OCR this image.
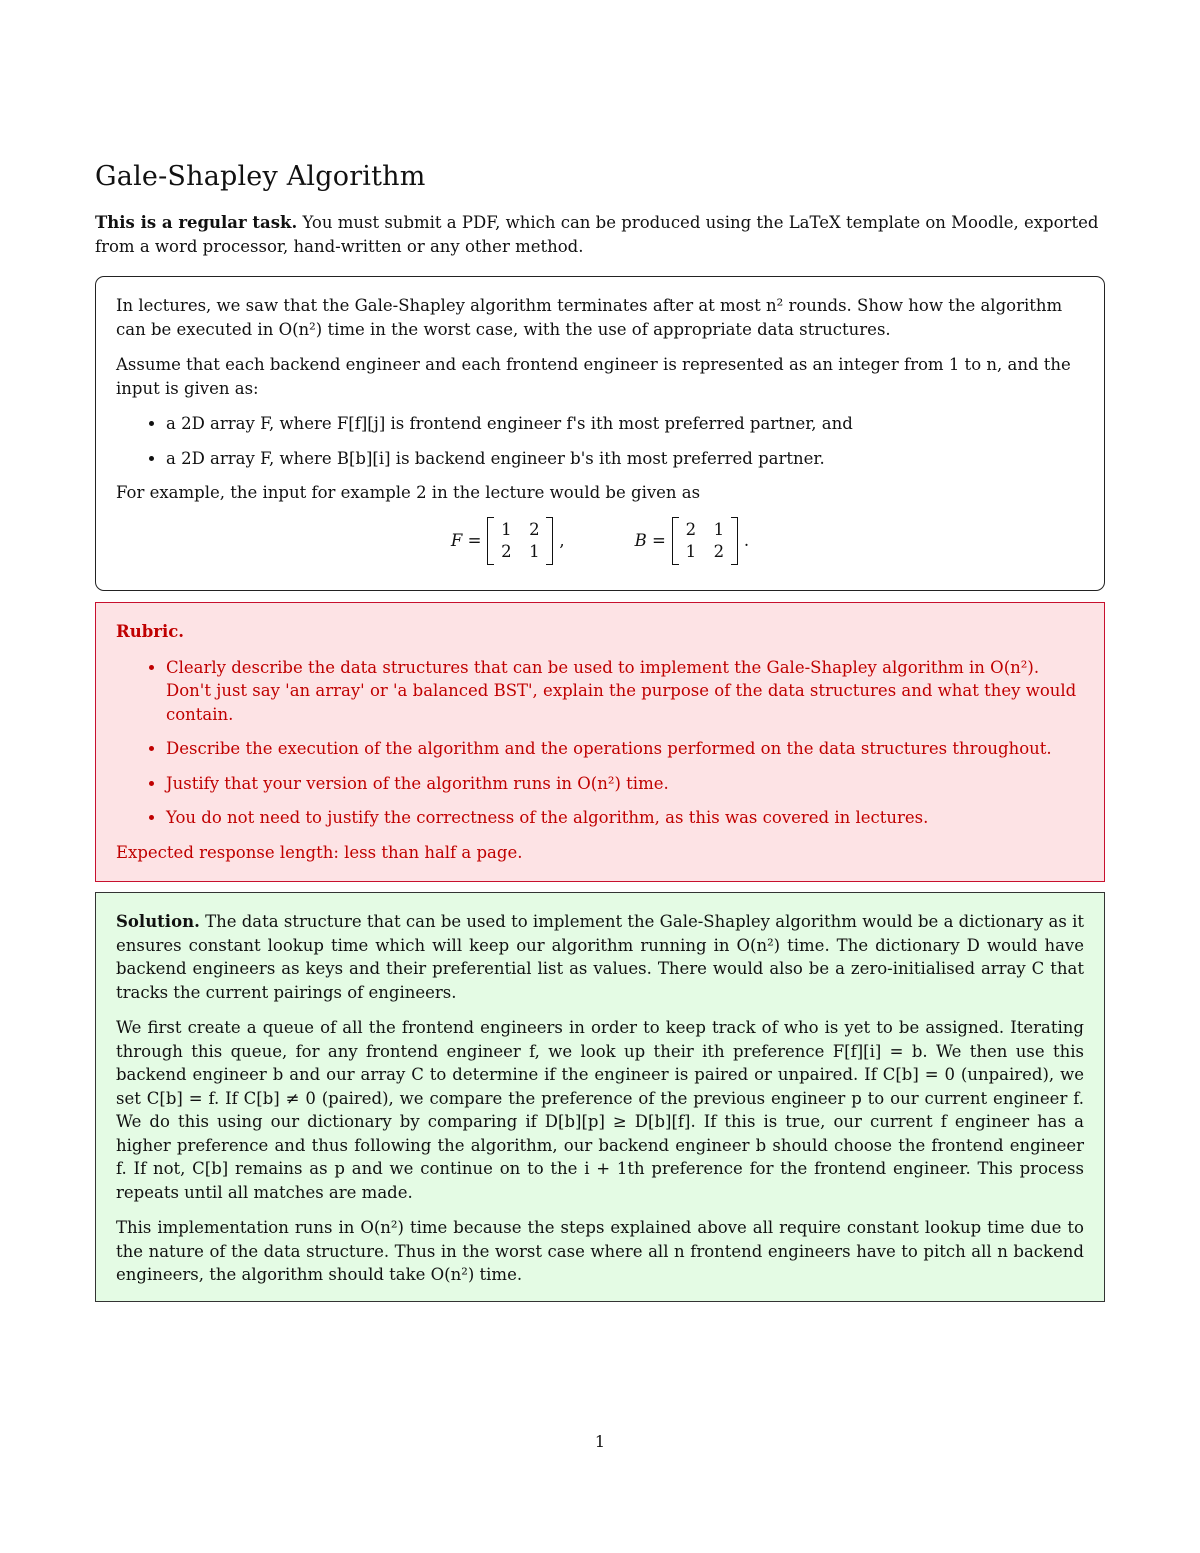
Gale-Shapley Algorithm

This is a regular task. You must submit a PDF, which can be produced using the LaTeX template on Moodle, exported from a word processor, hand-written or any other method.

In lectures, we saw that the Gale-Shapley algorithm terminates after at most n² rounds. Show how the algorithm can be executed in O(n²) time in the worst case, with the use of appropriate data structures.

Assume that each backend engineer and each frontend engineer is represented as an integer from 1 to n, and the input is given as:

• a 2D array F, where F[f][j] is frontend engineer f's ith most preferred partner, and
• a 2D array F, where B[b][i] is backend engineer b's ith most preferred partner.

For example, the input for example 2 in the lecture would be given as

F =
1	2
2	1
,	B =
2	1
1	2
.
Rubric.
• Clearly describe the data structures that can be used to implement the Gale-Shapley algorithm in O(n²). Don't just say 'an array' or 'a balanced BST', explain the purpose of the data structures and what they would contain.
• Describe the execution of the algorithm and the operations performed on the data structures throughout.
• Justify that your version of the algorithm runs in O(n²) time.
• You do not need to justify the correctness of the algorithm, as this was covered in lectures.

Expected response length: less than half a page.

Solution. The data structure that can be used to implement the Gale-Shapley algorithm would be a dictionary as it ensures constant lookup time which will keep our algorithm running in O(n²) time. The dictionary D would have backend engineers as keys and their preferential list as values. There would also be a zero-initialised array C that tracks the current pairings of engineers.

We first create a queue of all the frontend engineers in order to keep track of who is yet to be assigned. Iterating through this queue, for any frontend engineer f, we look up their ith preference F[f][i] = b. We then use this backend engineer b and our array C to determine if the engineer is paired or unpaired. If C[b] = 0 (unpaired), we set C[b] = f. If C[b] ≠ 0 (paired), we compare the preference of the previous engineer p to our current engineer f. We do this using our dictionary by comparing if D[b][p] ≥ D[b][f]. If this is true, our current f engineer has a higher preference and thus following the algorithm, our backend engineer b should choose the frontend engineer f. If not, C[b] remains as p and we continue on to the i + 1th preference for the frontend engineer. This process repeats until all matches are made.

This implementation runs in O(n²) time because the steps explained above all require constant lookup time due to the nature of the data structure. Thus in the worst case where all n frontend engineers have to pitch all n backend engineers, the algorithm should take O(n²) time.

1
